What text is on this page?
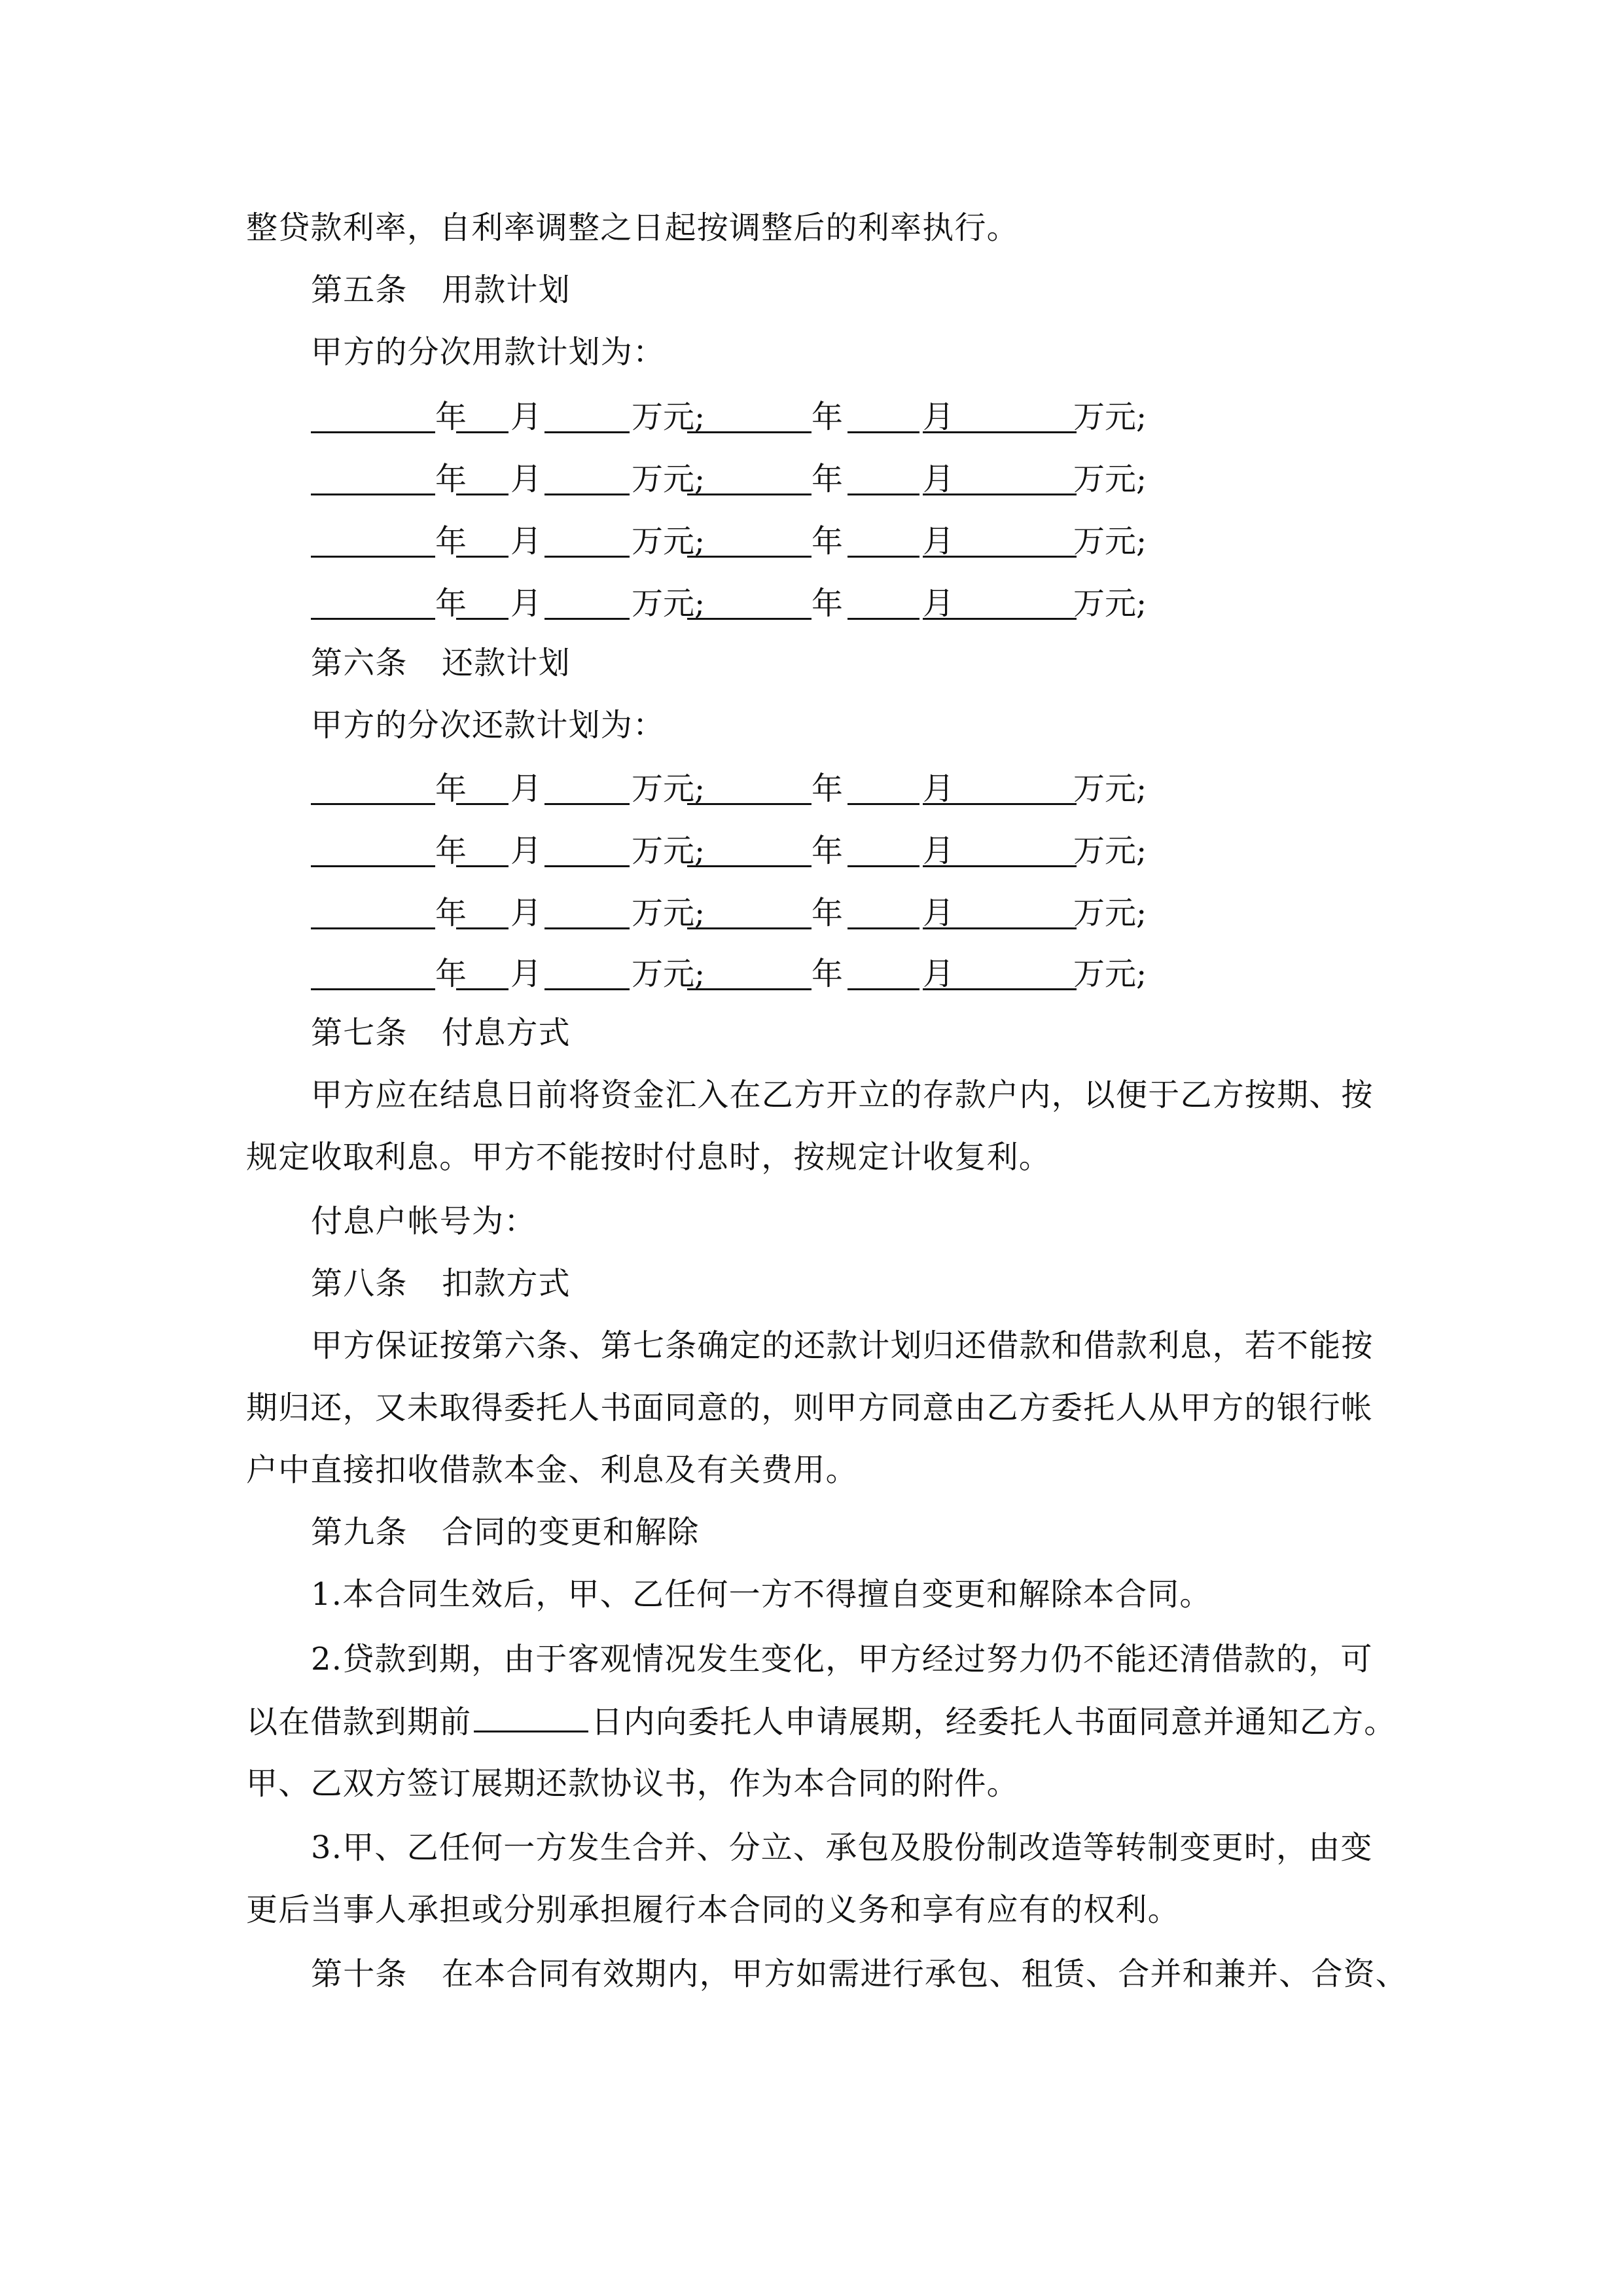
整贷款利率，自利率调整之日起按调整后的利率执行。
第五条 用款计划
甲方的分次用款计划为：
年 月	万元;	年	月	万元;
年 月	万元;	年	月	万元;
年 月	万元;	年	月	万元;
年 月	万元;	年	月	万元;
第六条 还款计划
甲方的分次还款计划为：
年 月	万元;	年	月	万元;
年 月	万元;	年	月	万元;
年 月	万元;	年	月	万元;
年 月	万元;	年	月	万元;
第七条 付息方式
甲方应在结息日前将资金汇入在乙方开立的存款户内，以便于乙方按期、按
规定收取利息。甲方不能按时付息时，按规定计收复利。
付息户帐号为：
第八条 扣款方式
甲方保证按第六条、第七条确定的还款计划归还借款和借款利息，若不能按
期归还，又未取得委托人书面同意的，则甲方同意由乙方委托人从甲方的银行帐
户中直接扣收借款本金、利息及有关费用。
第九条 合同的变更和解除
1.本合同生效后，甲、乙任何一方不得擅自变更和解除本合同。
2.贷款到期，由于客观情况发生变化，甲方经过努力仍不能还清借款的，可
以在借款到期前	日内向委托人申请展期，经委托人书面同意并通知乙方。
甲、乙双方签订展期还款协议书，作为本合同的附件。
3.甲、乙任何一方发生合并、分立、承包及股份制改造等转制变更时，由变
更后当事人承担或分别承担履行本合同的义务和享有应有的权利。
第十条 在本合同有效期内，甲方如需进行承包、租赁、合并和兼并、合资、
